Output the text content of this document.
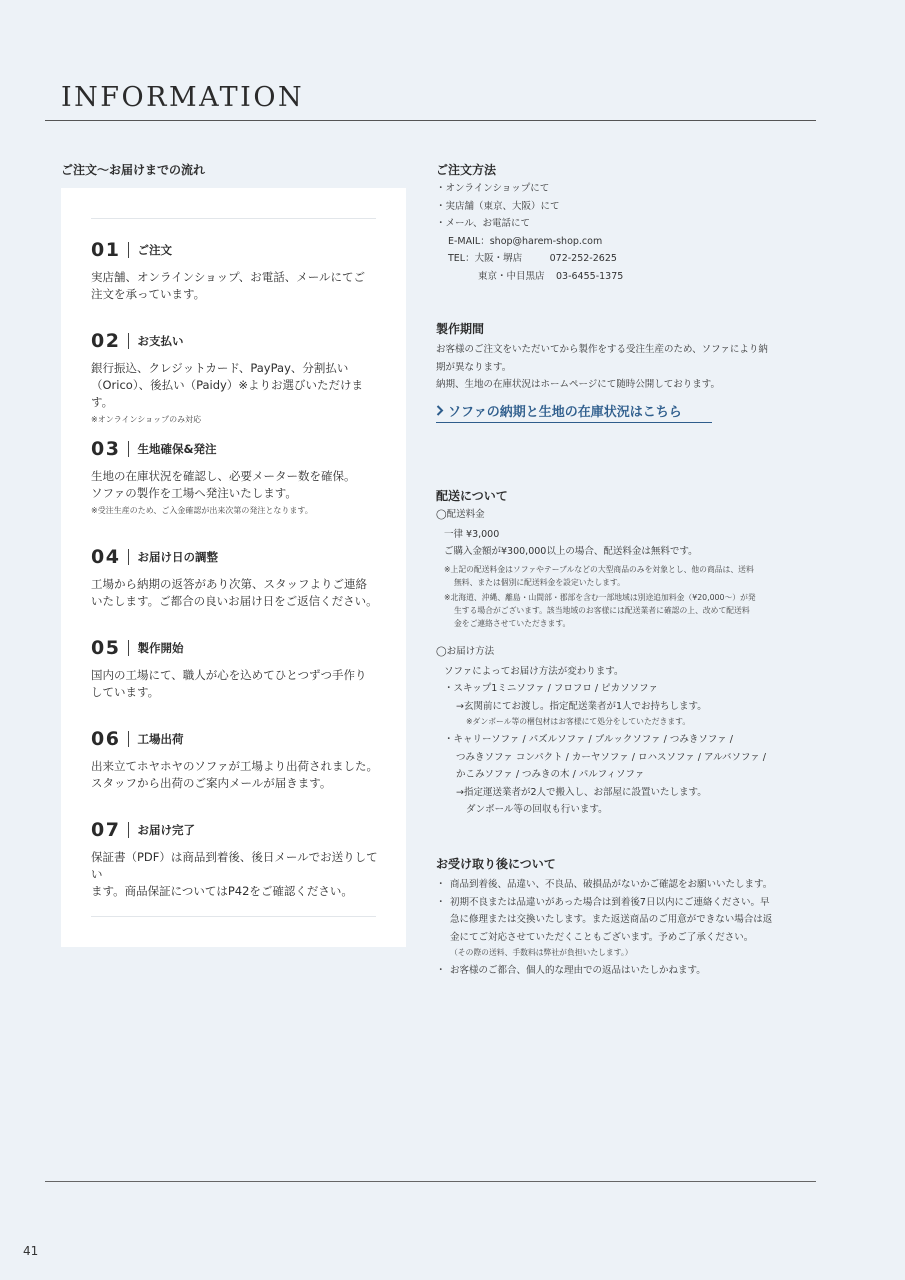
INFORMATION
ご注文〜お届けまでの流れ
01 ご注文
実店舗、オンラインショップ、お電話、メールにてご
注文を承っています。
02 お支払い
銀行振込、クレジットカード、PayPay、分割払い
（Orico）、後払い（Paidy）※よりお選びいただけます。
※オンラインショップのみ対応
03 生地確保&発注
生地の在庫状況を確認し、必要メーター数を確保。
ソファの製作を工場へ発注いたします。
※受注生産のため、ご入金確認が出来次第の発注となります。
04 お届け日の調整
工場から納期の返答があり次第、スタッフよりご連絡
いたします。ご都合の良いお届け日をご返信ください。
05 製作開始
国内の工場にて、職人が心を込めてひとつずつ手作り
しています。
06 工場出荷
出来立てホヤホヤのソファが工場より出荷されました。
スタッフから出荷のご案内メールが届きます。
07 お届け完了
保証書（PDF）は商品到着後、後日メールでお送りしてい
ます。商品保証についてはP42をご確認ください。
ご注文方法
・オンラインショップにて
・実店舗（東京、大阪）にて
・メール、お電話にて
E-MAIL：shop@harem-shop.com
TEL：大阪・堺店	072-252-2625
東京・中目黒店 03-6455-1375
製作期間
お客様のご注文をいただいてから製作をする受注生産のため、ソファにより納
期が異なります。
納期、生地の在庫状況はホームページにて随時公開しております。
ソファの納期と生地の在庫状況はこちら
配送について
◯配送料金
一律 ¥3,000
ご購入金額が¥300,000以上の場合、配送料金は無料です。
※上記の配送料金はソファやテーブルなどの大型商品のみを対象とし、他の商品は、送料
無料、または個別に配送料金を設定いたします。
※北海道、沖縄、離島・山間部・郡部を含む一部地域は別途追加料金（¥20,000〜）が発
生する場合がございます。該当地域のお客様には配送業者に確認の上、改めて配送料
金をご連絡させていただきます。
◯お届け方法
ソファによってお届け方法が変わります。
・スキップ1ミニソファ / フロフロ / ピカソソファ
→玄関前にてお渡し。指定配送業者が1人でお持ちします。
※ダンボール等の梱包材はお客様にて処分をしていただきます。
・キャリーソファ / パズルソファ / ブルックソファ / つみきソファ /
つみきソファ コンパクト / カーヤソファ / ロハスソファ / アルバソファ /
かこみソファ / つみきの木 / パルフィソファ
→指定運送業者が2人で搬入し、お部屋に設置いたします。
ダンボール等の回収も行います。
お受け取り後について
・ 商品到着後、品違い、不良品、破損品がないかご確認をお願いいたします。
・ 初期不良または品違いがあった場合は到着後7日以内にご連絡ください。早
急に修理または交換いたします。また返送商品のご用意ができない場合は返
金にてご対応させていただくこともございます。予めご了承ください。
（その際の送料、手数料は弊社が負担いたします。）
・ お客様のご都合、個人的な理由での返品はいたしかねます。
41
